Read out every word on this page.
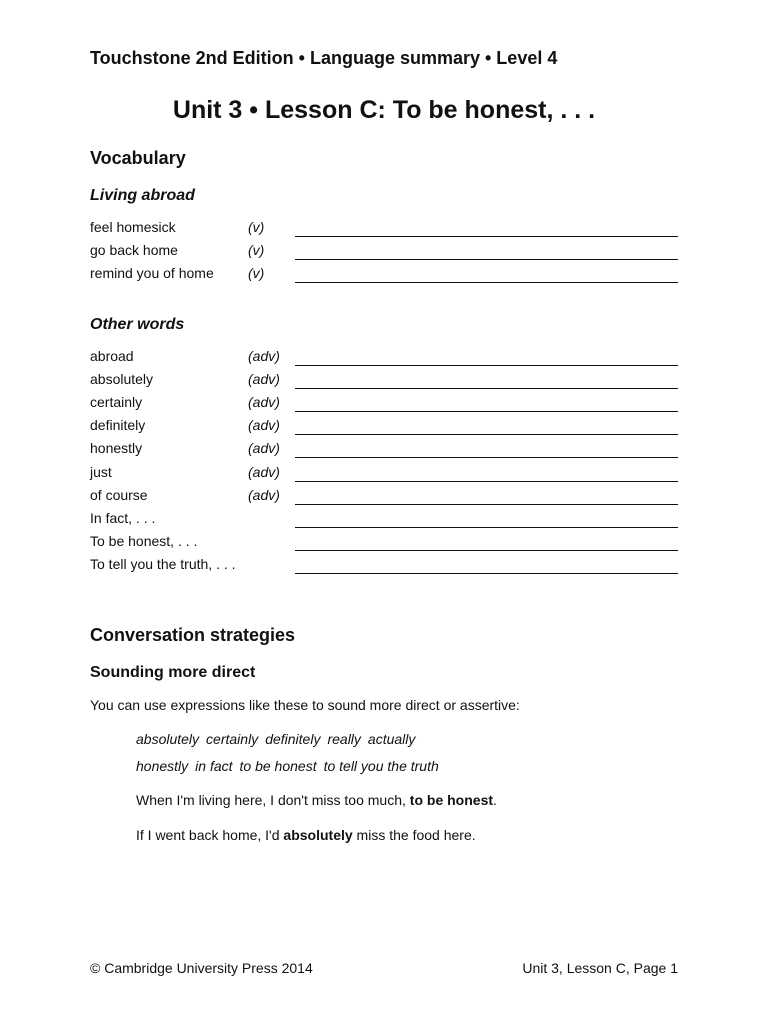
Touchstone 2nd Edition • Language summary • Level 4
Unit 3 • Lesson C: To be honest, . . .
Vocabulary
Living abroad
feel homesick	(v)
go back home	(v)
remind you of home (v)
Other words
abroad	(adv)
absolutely	(adv)
certainly	(adv)
definitely	(adv)
honestly	(adv)
just	(adv)
of course	(adv)
In fact, . . .
To be honest, . . .
To tell you the truth, . . .
Conversation strategies
Sounding more direct
You can use expressions like these to sound more direct or assertive:
absolutely certainly definitely really actually
honestly in fact to be honest to tell you the truth
When I'm living here, I don't miss too much, to be honest.
If I went back home, I'd absolutely miss the food here.
© Cambridge University Press 2014	Unit 3, Lesson C, Page 1
